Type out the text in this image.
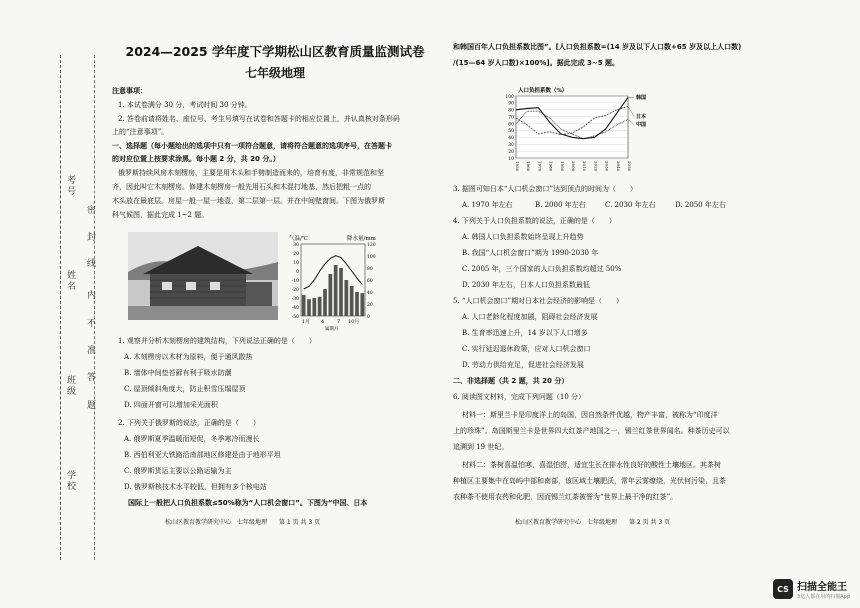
考号
姓名
班级
学校
密
封
线
内
不
准
答
题
2024—2025 学年度下学期松山区教育质量监测试卷
七年级地理
注意事项：
1. 本试卷满分 30 分，考试时间 30 分钟。
2. 答卷前请将姓名、座位号、考生号填写在试卷和答题卡的相应位置上，并认真核对条形码
上的“注意事项”。
一、选择题（每小题给出的选项中只有一项符合题意，请将符合题意的选项序号，在答题卡
的对应位置上按要求涂黑。每小题 2 分，共 20 分。）
俄罗斯持续风房木刻楞房，主要是用木头和手劈制造而来的，培育有度，非常规范和坚
齐，因此叫它木刻楞房。修建木刻楞房一般先用石头和木混打地基，然后把粗一点的
木头放在最底层。房屋一般一屋一地壹，第二层第一层。并在中间壁窗间。下图为俄罗斯
科气候图，据此完成 1~2 题。
气温/℃	降水量/mm
30
20
10
0
-10
-20
-30
-40
-50
120
100
80
60
40
20
0
1月 4	7 10月
属期月
1. 观察并分析木刻楞房的建筑结构，下列说法正确的是（　　）
A. 木刻楞房以木材为原料，便于通风散热
B. 墙体中间垫苔藓有利于吸水防潮
C. 屋顶倾斜角度大，防止积雪压塌屋顶
D. 四面开窗可以增加采光面积
2. 下列关于俄罗斯的说法，正确的是（　　）
A. 俄罗斯夏季温暖而短促，冬季寒冷而漫长
B. 西伯利亚大铁路沿南部地区修建是由于地形平坦
C. 俄罗斯货运主要以公路运输为主
D. 俄罗斯核技术水平较低，但拥有多个核电站
国际上一般把人口负担系数≤50%称为“人口机会窗口”。下图为“中国、日本
松山区教育教学研究中心　七年级地理　　第 1 页 共 3 页
和韩国百年人口负担系数比图”。[人口负担系数=(14 岁及以下人口数+65 岁及以上人口数)
/(15—64 岁人口数)×100%]。据此完成 3~5 题。
人口负担系数（%）
100
90
80
70
60
50
40
30
20
10
1950 1960 1970 1980 1990 2000 2010 2020 2030 2040 2050
韩国
日本
中国
3. 据图可知日本“人口机会窗口”达到顶点的时间为（　　）
A. 1970 年左右	B. 2000 年左右	C. 2030 年左右	D. 2050 年左右
4. 下列关于人口负担系数的说法，正确的是（　　）
A. 韩国人口负担系数始终呈现上升趋势
B. 我国“人口机会窗口”期为 1990-2030 年
C. 2005 年，三个国家的人口负担系数均超过 50%
D. 2030 年左右，日本人口负担系数最低
5. “人口机会窗口”期对日本社会经济的影响是（　　）
A. 人口老龄化程度加剧，阻碍社会经济发展
B. 生育率迅速上升，14 岁以下人口增多
C. 实行延迟退休政策，应对人口机会窗口
D. 劳动力供给充足，促进社会经济发展
二、非选择题（共 2 题，共 20 分）
6. 阅读图文材料，完成下列问题（10 分）
材料一：斯里兰卡是印度洋上的岛国，因自然条件优越，物产丰富，被称为“印度洋
上的珍珠”。岛国斯里兰卡是世界四大红茶产地国之一，锡兰红茶世界闻名。种茶历史可以
追溯到 19 世纪。
材料二：茶树喜温怕寒，喜湿怕涝，适宜生长在排水性良好的酸性土壤地区。其茶树
种植区主要集中在岛屿中部和南部，该区域土壤肥沃，常年云雾缭绕，光伏何污染，且茶
农种茶不使用农药和化肥，因而锡兰红茶被誉为“世界上最干净的红茶”。
松山区教育教学研究中心　七年级地理　　第 2 页 共 3 页
CS 扫描全能王
3亿人都在用的扫描App
